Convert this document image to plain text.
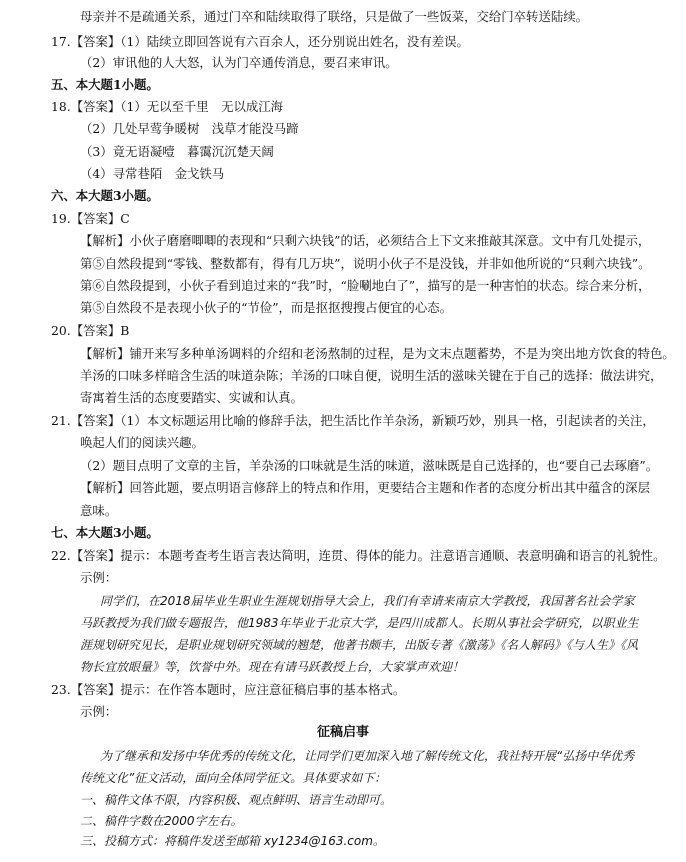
母亲并不是疏通关系，通过门卒和陆续取得了联络，只是做了一些饭菜，交给门卒转送陆续。
17.【答案】（1）陆续立即回答说有六百余人，还分别说出姓名，没有差误。
（2）审讯他的人大怒，认为门卒通传消息，要召来审讯。
五、本大题1小题。
18.【答案】（1）无以至千里　无以成江海
（2）几处早莺争暖树　浅草才能没马蹄
（3）竟无语凝噎　暮霭沉沉楚天阔
（4）寻常巷陌　金戈铁马
六、本大题3小题。
19.【答案】C
【解析】小伙子磨磨唧唧的表现和“只剩六块钱”的话，必须结合上下文来推敲其深意。文中有几处提示，
第⑤自然段提到“零钱、整数都有，得有几万块”，说明小伙子不是没钱，并非如他所说的“只剩六块钱”。
第⑥自然段提到，小伙子看到追过来的“我”时，“脸唰地白了”，描写的是一种害怕的状态。综合来分析，
第⑤自然段不是表现小伙子的“节俭”，而是抠抠搜搜占便宜的心态。
20.【答案】B
【解析】铺开来写多种单汤调料的介绍和老汤熬制的过程，是为文末点题蓄势，不是为突出地方饮食的特色。
羊汤的口味多样暗含生活的味道杂陈；羊汤的口味自便，说明生活的滋味关键在于自己的选择：做法讲究，
寄寓着生活的态度要踏实、实诚和认真。
21.【答案】（1）本文标题运用比喻的修辞手法，把生活比作羊杂汤，新颖巧妙，别具一格，引起读者的关注，
唤起人们的阅读兴趣。
（2）题目点明了文章的主旨，羊杂汤的口味就是生活的味道，滋味既是自己选择的，也“要自己去琢磨”。
【解析】回答此题，要点明语言修辞上的特点和作用，更要结合主题和作者的态度分析出其中蕴含的深层
意味。
七、本大题3小题。
22.【答案】提示：本题考查考生语言表达简明，连贯、得体的能力。注意语言通顺、表意明确和语言的礼貌性。
示例：
同学们，在2018届毕业生职业生涯规划指导大会上，我们有幸请来南京大学教授，我国著名社会学家
马跃教授为我们做专题报告，他1983年毕业于北京大学，是四川成都人。长期从事社会学研究，以职业生
涯规划研究见长，是职业规划研究领域的翘楚，他著书颇丰，出版专著《激荡》《名人解码》《与人生》《风
物长宜放眼量》等，饮誉中外。现在有请马跃教授上台，大家掌声欢迎！
23.【答案】提示：在作答本题时，应注意征稿启事的基本格式。
示例：
征稿启事
为了继承和发扬中华优秀的传统文化，让同学们更加深入地了解传统文化，我社特开展“弘扬中华优秀
传统文化”征文活动，面向全体同学征文。具体要求如下：
一、稿件文体不限，内容积极、观点鲜明、语言生动即可。
二、稿件字数在2000字左右。
三、投稿方式：将稿件发送至邮箱 xy1234@163.com。
